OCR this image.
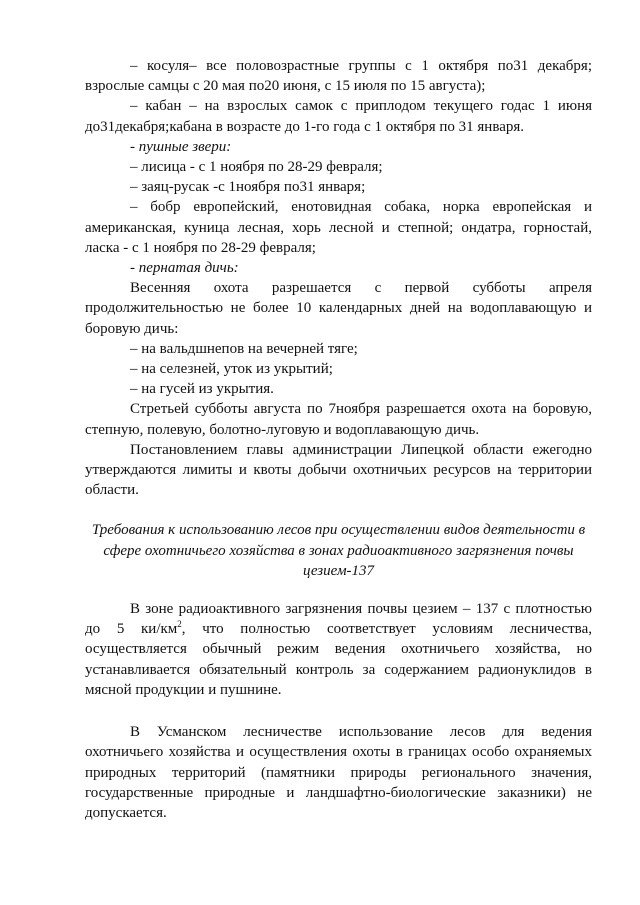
– косуля– все половозрастные группы с 1 октября по31 декабря; взрослые самцы с 20 мая по20 июня, с 15 июля по 15 августа);

– кабан – на взрослых самок с приплодом текущего годас 1 июня до31декабря;кабана в возрасте до 1-го года с 1 октября по 31 января.

- пушные звери:

– лисица - с 1 ноября по 28-29 февраля;

– заяц-русак -с 1ноября по31 января;

– бобр европейский, енотовидная собака, норка европейская и американская, куница лесная, хорь лесной и степной; ондатра, горностай, ласка - с 1 ноября по 28-29 февраля;

- пернатая дичь:

Весенняя охота разрешается с первой субботы апреля продолжительностью не более 10 календарных дней на водоплавающую и боровую дичь:

– на вальдшнепов на вечерней тяге;

– на селезней, уток из укрытий;

– на гусей из укрытия.

Стретьей субботы августа по 7ноября разрешается охота на боровую, степную, полевую, болотно-луговую и водоплавающую дичь.

Постановлением главы администрации Липецкой области ежегодно утверждаются лимиты и квоты добычи охотничьих ресурсов на территории области.

Требования к использованию лесов при осуществлении видов деятельности в сфере охотничьего хозяйства в зонах радиоактивного загрязнения почвы цезием-137

В зоне радиоактивного загрязнения почвы цезием – 137 с плотностью до 5 $ки/км^2$, что полностью соответствует условиям лесничества, осуществляется обычный режим ведения охотничьего хозяйства, но устанавливается обязательный контроль за содержанием радионуклидов в мясной продукции и пушнине.

В Усманском лесничестве использование лесов для ведения охотничьего хозяйства и осуществления охоты в границах особо охраняемых природных территорий (памятники природы регионального значения, государственные природные и ландшафтно-биологические заказники) не допускается.
